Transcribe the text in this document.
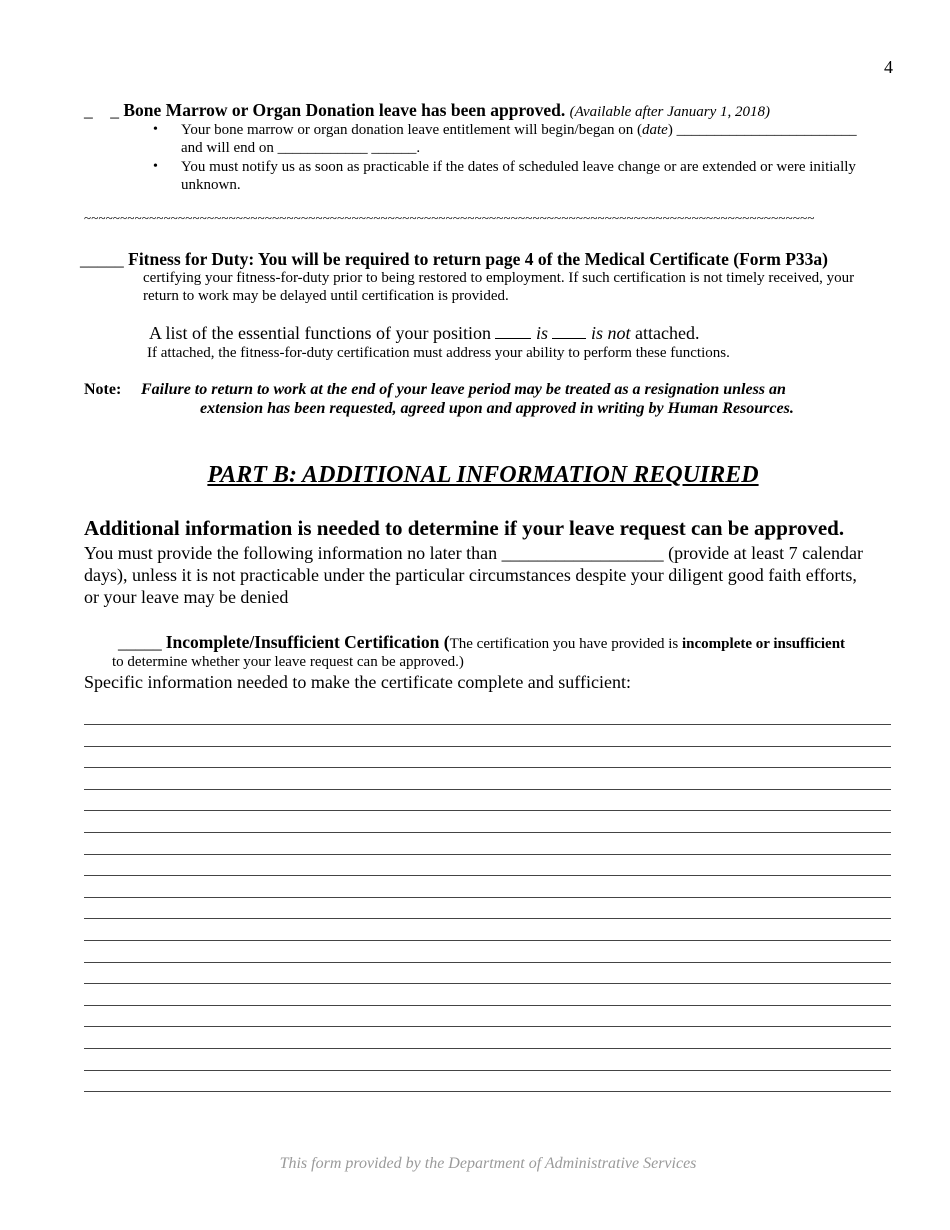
4
_    _ Bone Marrow or Organ Donation leave has been approved. (Available after January 1, 2018)
• Your bone marrow or organ donation leave entitlement will begin/began on (date) ________________________
and will end on ____________ ______.
• You must notify us as soon as practicable if the dates of scheduled leave change or are extended or were initially
unknown.
~~~~~~~~~~~~~~~~~~~~~~~~~~~~~~~~~~~~~~~~~~~~~~~~~~~~~~~~~~~~~~~~~~~~~~~~~~~~~~~~~~~~~~~~~~~~~~~~~~~~~
_____ Fitness for Duty: You will be required to return page 4 of the Medical Certificate (Form P33a)
certifying your fitness-for-duty prior to being restored to employment. If such certification is not timely received, your
return to work may be delayed until certification is provided.
A list of the essential functions of your position	is is not attached.
If attached, the fitness-for-duty certification must address your ability to perform these functions.
Note: Failure to return to work at the end of your leave period may be treated as a resignation unless an
extension has been requested, agreed upon and approved in writing by Human Resources.
PART B: ADDITIONAL INFORMATION REQUIRED
Additional information is needed to determine if your leave request can be approved.
You must provide the following information no later than __________________ (provide at least 7 calendar
days), unless it is not practicable under the particular circumstances despite your diligent good faith efforts,
or your leave may be denied
_____ Incomplete/Insufficient Certification (The certification you have provided is incomplete or insufficient
to determine whether your leave request can be approved.)
Specific information needed to make the certificate complete and sufficient:
This form provided by the Department of Administrative Services
